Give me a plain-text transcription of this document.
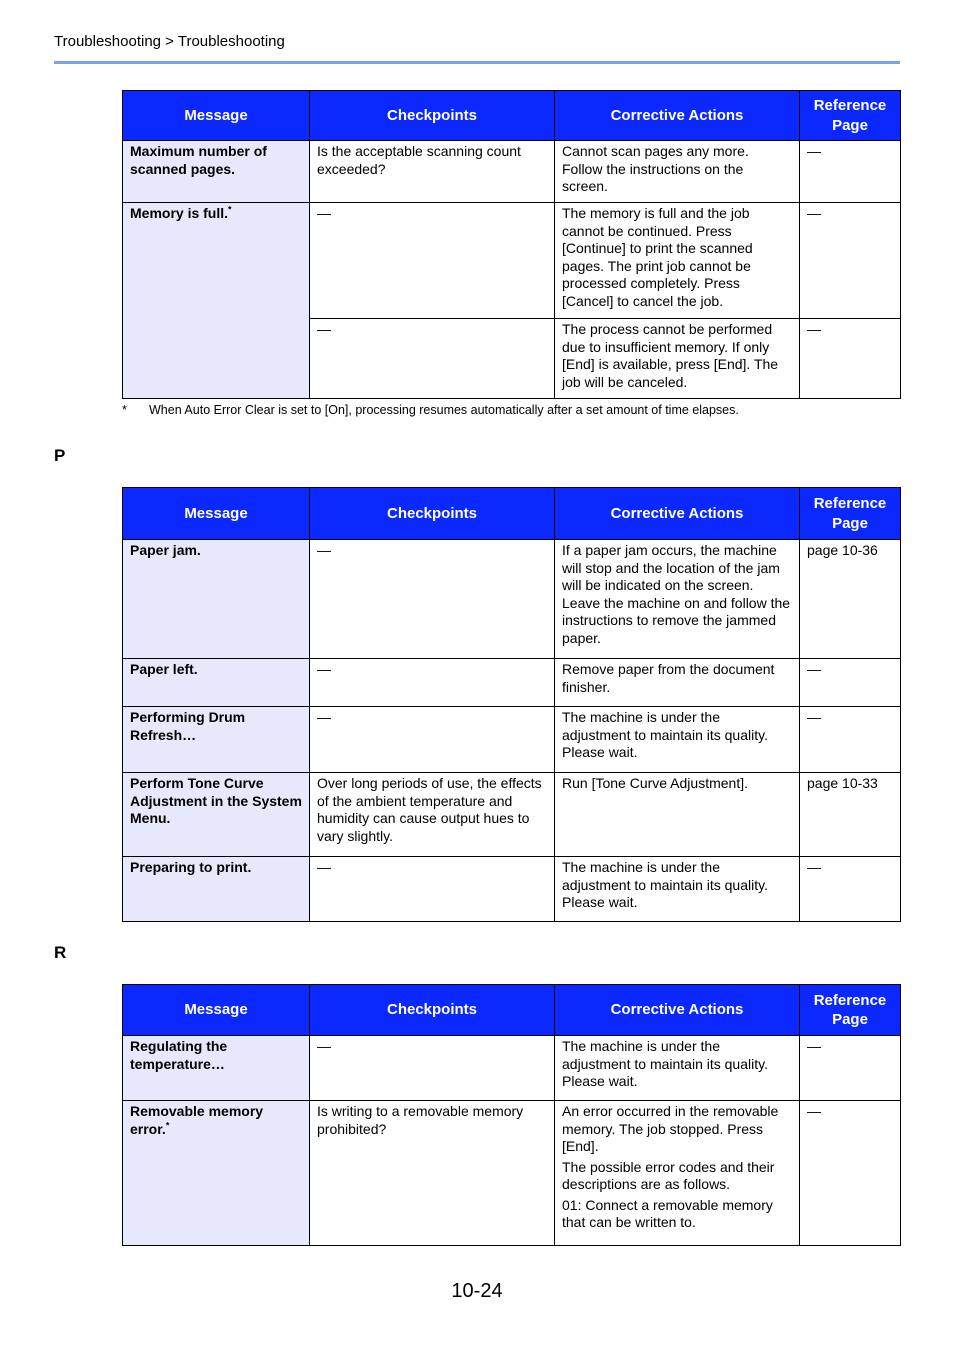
Troubleshooting > Troubleshooting
Message	Checkpoints	Corrective Actions	Reference
Page
Maximum number of scanned pages.	Is the acceptable scanning count exceeded?	Cannot scan pages any more. Follow the instructions on the screen.	—
Memory is full.*	—	The memory is full and the job cannot be continued. Press [Continue] to print the scanned pages. The print job cannot be processed completely. Press [Cancel] to cancel the job.	—
	—	The process cannot be performed due to insufficient memory. If only [End] is available, press [End]. The job will be canceled.	—
* When Auto Error Clear is set to [On], processing resumes automatically after a set amount of time elapses.
P
Message	Checkpoints	Corrective Actions	Reference
Page
Paper jam.	—	If a paper jam occurs, the machine will stop and the location of the jam will be indicated on the screen. Leave the machine on and follow the instructions to remove the jammed paper.	page 10-36
Paper left.	—	Remove paper from the document finisher.	—
Performing Drum Refresh…	—	The machine is under the adjustment to maintain its quality. Please wait.	—
Perform Tone Curve Adjustment in the System Menu.	Over long periods of use, the effects of the ambient temperature and humidity can cause output hues to vary slightly.	Run [Tone Curve Adjustment].	page 10-33
Preparing to print.	—	The machine is under the adjustment to maintain its quality. Please wait.	—
R
Message	Checkpoints	Corrective Actions	Reference
Page
Regulating the temperature…	—	The machine is under the adjustment to maintain its quality. Please wait.	—
Removable memory error.*	Is writing to a removable memory prohibited?	An error occurred in the removable memory. The job stopped. Press [End].

The possible error codes and their descriptions are as follows.

01: Connect a removable memory that can be written to.	—
10-24
